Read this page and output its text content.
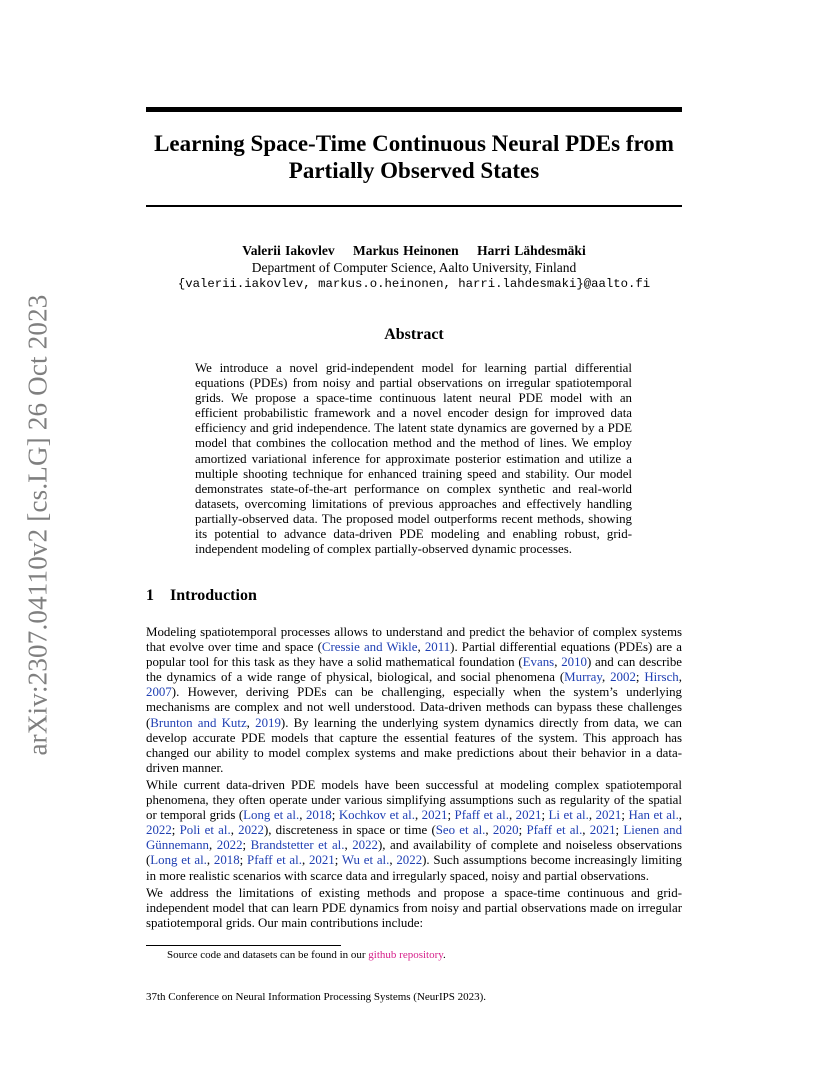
arXiv:2307.04110v2 [cs.LG] 26 Oct 2023
Learning Space-Time Continuous Neural PDEs from Partially Observed States
Valerii Iakovlev Markus Heinonen Harri Lähdesmäki
Department of Computer Science, Aalto University, Finland
{valerii.iakovlev, markus.o.heinonen, harri.lahdesmaki}@aalto.fi
Abstract

We introduce a novel grid-independent model for learning partial differential equations (PDEs) from noisy and partial observations on irregular spatiotemporal grids. We propose a space-time continuous latent neural PDE model with an efficient probabilistic framework and a novel encoder design for improved data efficiency and grid independence. The latent state dynamics are governed by a PDE model that combines the collocation method and the method of lines. We employ amortized variational inference for approximate posterior estimation and utilize a multiple shooting technique for enhanced training speed and stability. Our model demonstrates state-of-the-art performance on complex synthetic and real-world datasets, overcoming limitations of previous approaches and effectively handling partially-observed data. The proposed model outperforms recent methods, showing its potential to advance data-driven PDE modeling and enabling robust, grid-independent modeling of complex partially-observed dynamic processes.

1 Introduction

Modeling spatiotemporal processes allows to understand and predict the behavior of complex systems that evolve over time and space (Cressie and Wikle, 2011). Partial differential equations (PDEs) are a popular tool for this task as they have a solid mathematical foundation (Evans, 2010) and can describe the dynamics of a wide range of physical, biological, and social phenomena (Murray, 2002; Hirsch, 2007). However, deriving PDEs can be challenging, especially when the system’s underlying mechanisms are complex and not well understood. Data-driven methods can bypass these challenges (Brunton and Kutz, 2019). By learning the underlying system dynamics directly from data, we can develop accurate PDE models that capture the essential features of the system. This approach has changed our ability to model complex systems and make predictions about their behavior in a data-driven manner.

While current data-driven PDE models have been successful at modeling complex spatiotemporal phenomena, they often operate under various simplifying assumptions such as regularity of the spatial or temporal grids (Long et al., 2018; Kochkov et al., 2021; Pfaff et al., 2021; Li et al., 2021; Han et al., 2022; Poli et al., 2022), discreteness in space or time (Seo et al., 2020; Pfaff et al., 2021; Lienen and Günnemann, 2022; Brandstetter et al., 2022), and availability of complete and noiseless observations (Long et al., 2018; Pfaff et al., 2021; Wu et al., 2022). Such assumptions become increasingly limiting in more realistic scenarios with scarce data and irregularly spaced, noisy and partial observations.

We address the limitations of existing methods and propose a space-time continuous and grid-independent model that can learn PDE dynamics from noisy and partial observations made on irregular spatiotemporal grids. Our main contributions include:

Source code and datasets can be found in our github repository.
37th Conference on Neural Information Processing Systems (NeurIPS 2023).
